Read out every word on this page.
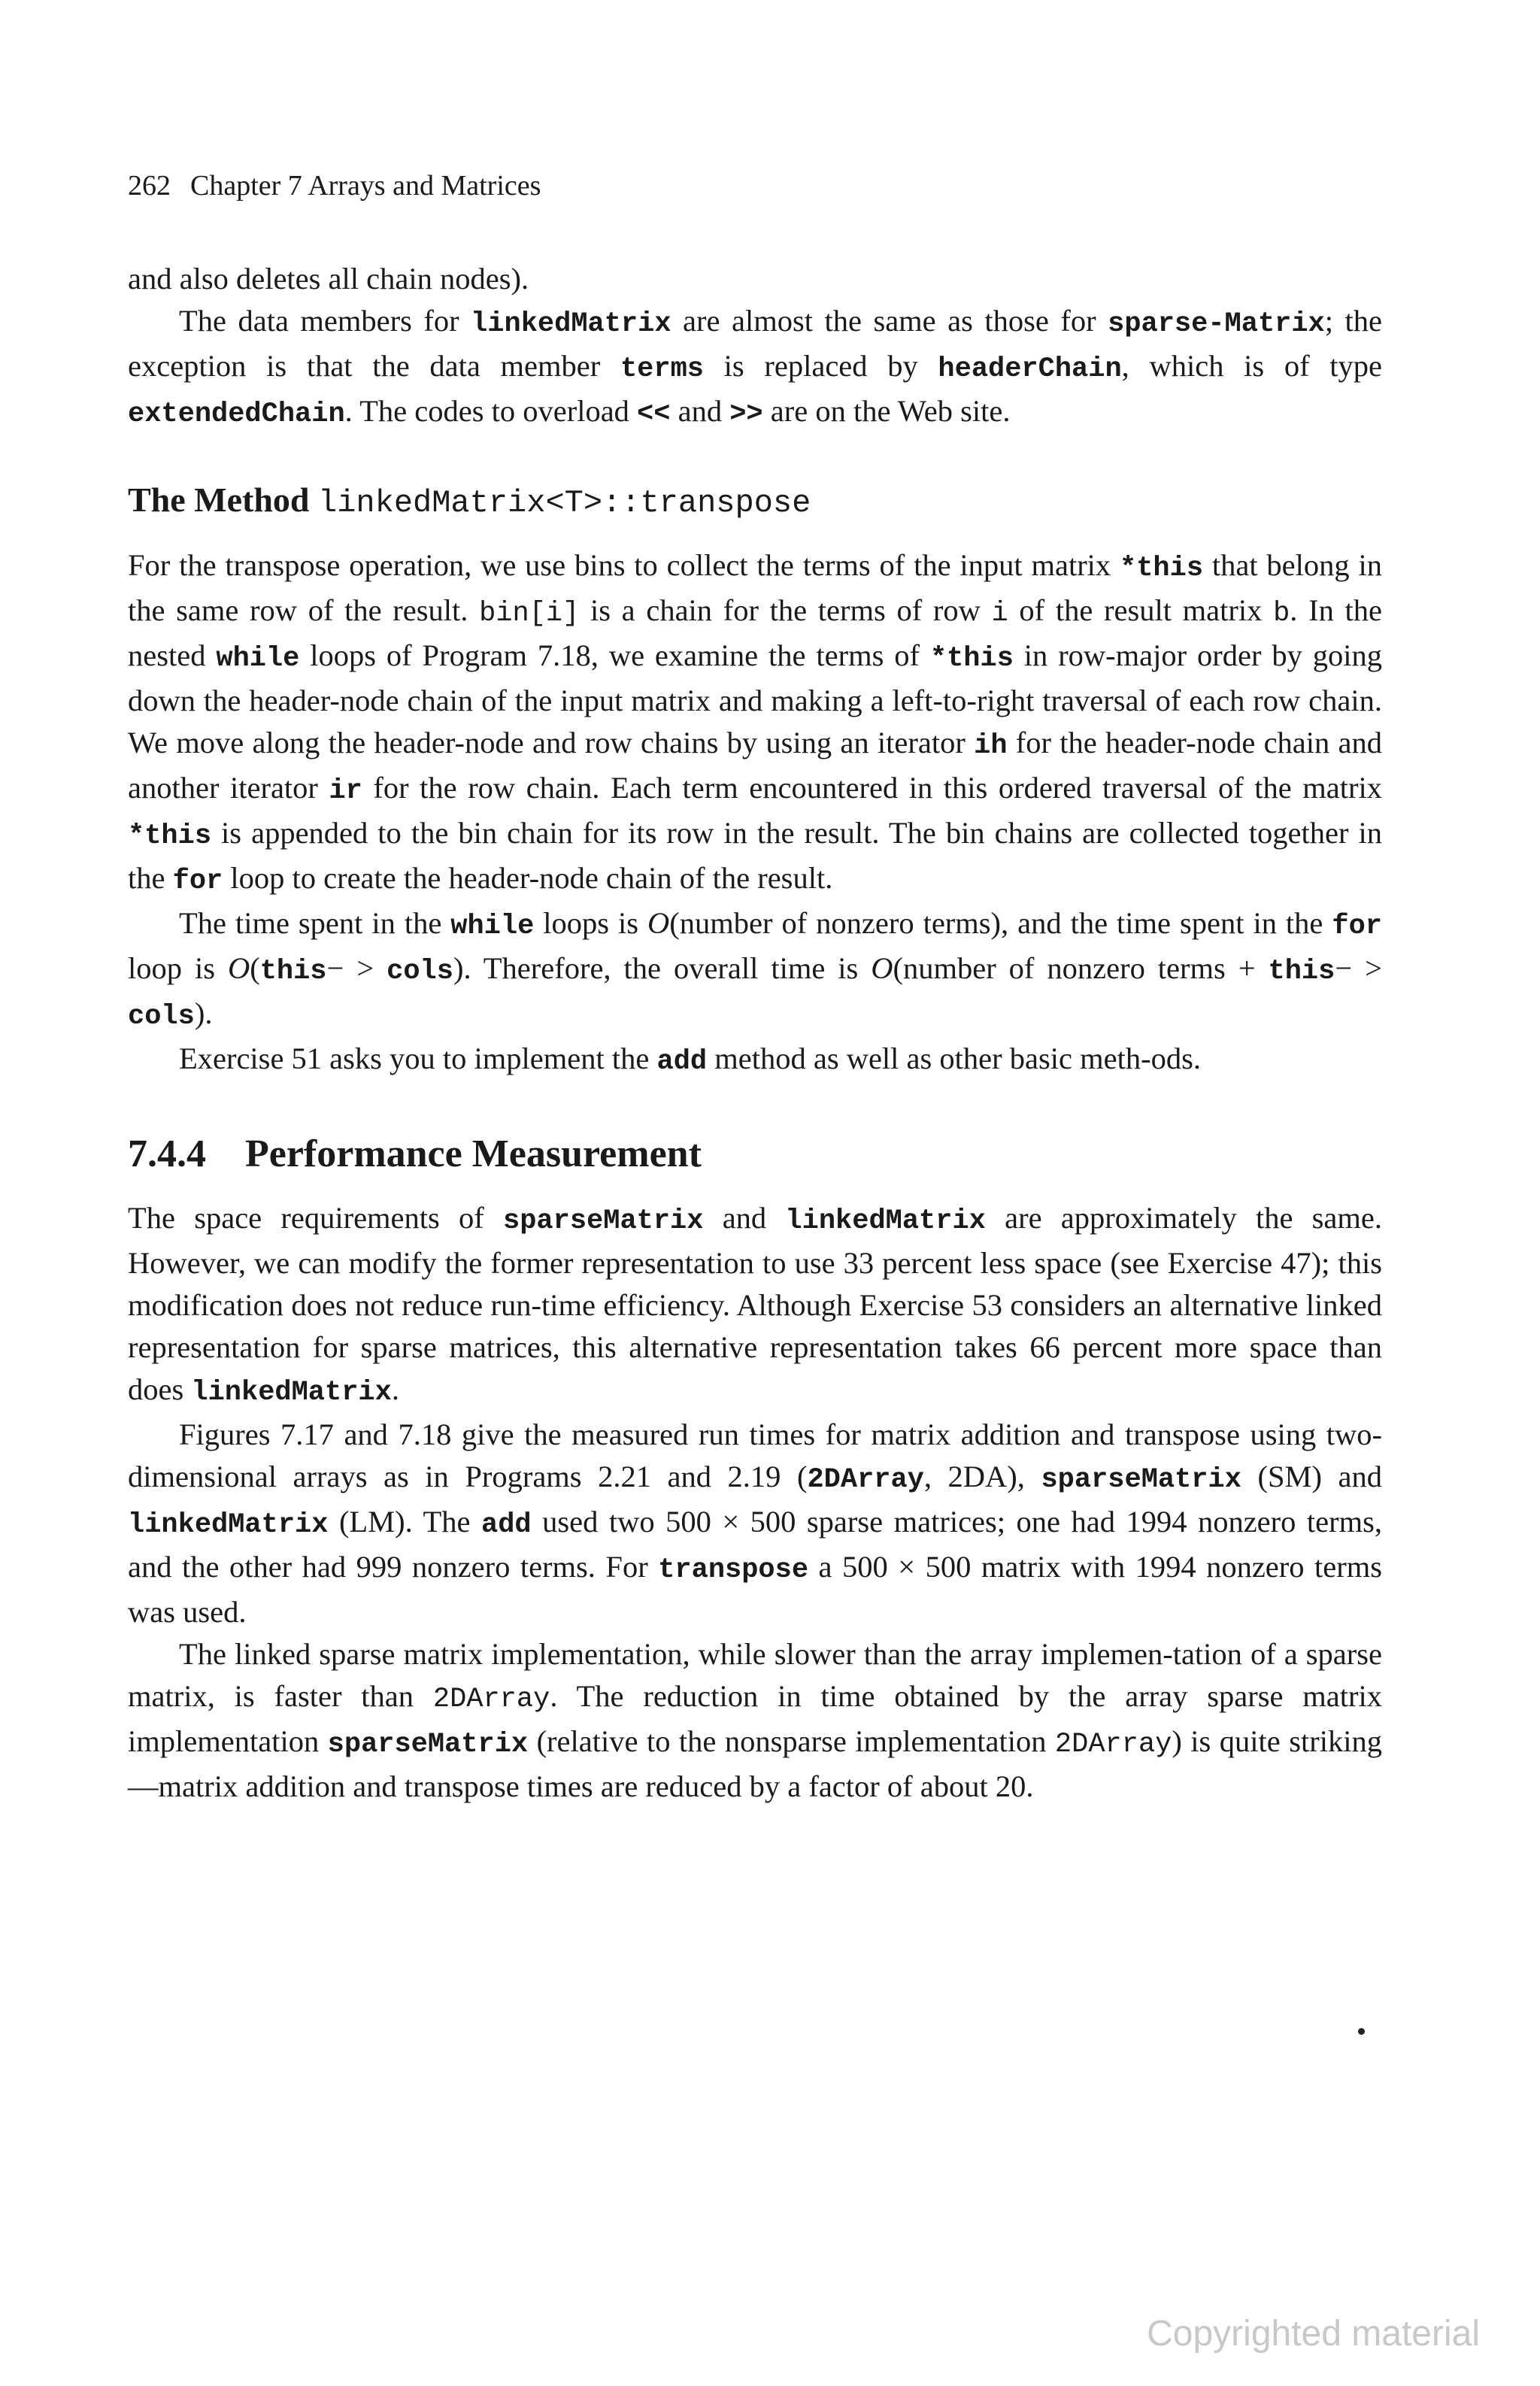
262 Chapter 7 Arrays and Matrices

and also deletes all chain nodes).

The data members for linkedMatrix are almost the same as those for sparse-Matrix; the exception is that the data member terms is replaced by headerChain, which is of type extendedChain. The codes to overload << and >> are on the Web site.

The Method linkedMatrix<T>::transpose

For the transpose operation, we use bins to collect the terms of the input matrix *this that belong in the same row of the result. bin[i] is a chain for the terms of row i of the result matrix b. In the nested while loops of Program 7.18, we examine the terms of *this in row-major order by going down the header-node chain of the input matrix and making a left-to-right traversal of each row chain. We move along the header-node and row chains by using an iterator ih for the header-node chain and another iterator ir for the row chain. Each term encountered in this ordered traversal of the matrix *this is appended to the bin chain for its row in the result. The bin chains are collected together in the for loop to create the header-node chain of the result.

The time spent in the while loops is O(number of nonzero terms), and the time spent in the for loop is O(this− > cols). Therefore, the overall time is O(number of nonzero terms + this− > cols).

Exercise 51 asks you to implement the add method as well as other basic meth-ods.

7.4.4 Performance Measurement

The space requirements of sparseMatrix and linkedMatrix are approximately the same. However, we can modify the former representation to use 33 percent less space (see Exercise 47); this modification does not reduce run-time efficiency. Although Exercise 53 considers an alternative linked representation for sparse matrices, this alternative representation takes 66 percent more space than does linkedMatrix.

Figures 7.17 and 7.18 give the measured run times for matrix addition and transpose using two-dimensional arrays as in Programs 2.21 and 2.19 (2DArray, 2DA), sparseMatrix (SM) and linkedMatrix (LM). The add used two 500 × 500 sparse matrices; one had 1994 nonzero terms, and the other had 999 nonzero terms. For transpose a 500 × 500 matrix with 1994 nonzero terms was used.

The linked sparse matrix implementation, while slower than the array implemen-tation of a sparse matrix, is faster than 2DArray. The reduction in time obtained by the array sparse matrix implementation sparseMatrix (relative to the nonsparse implementation 2DArray) is quite striking—matrix addition and transpose times are reduced by a factor of about 20.

Copyrighted material
